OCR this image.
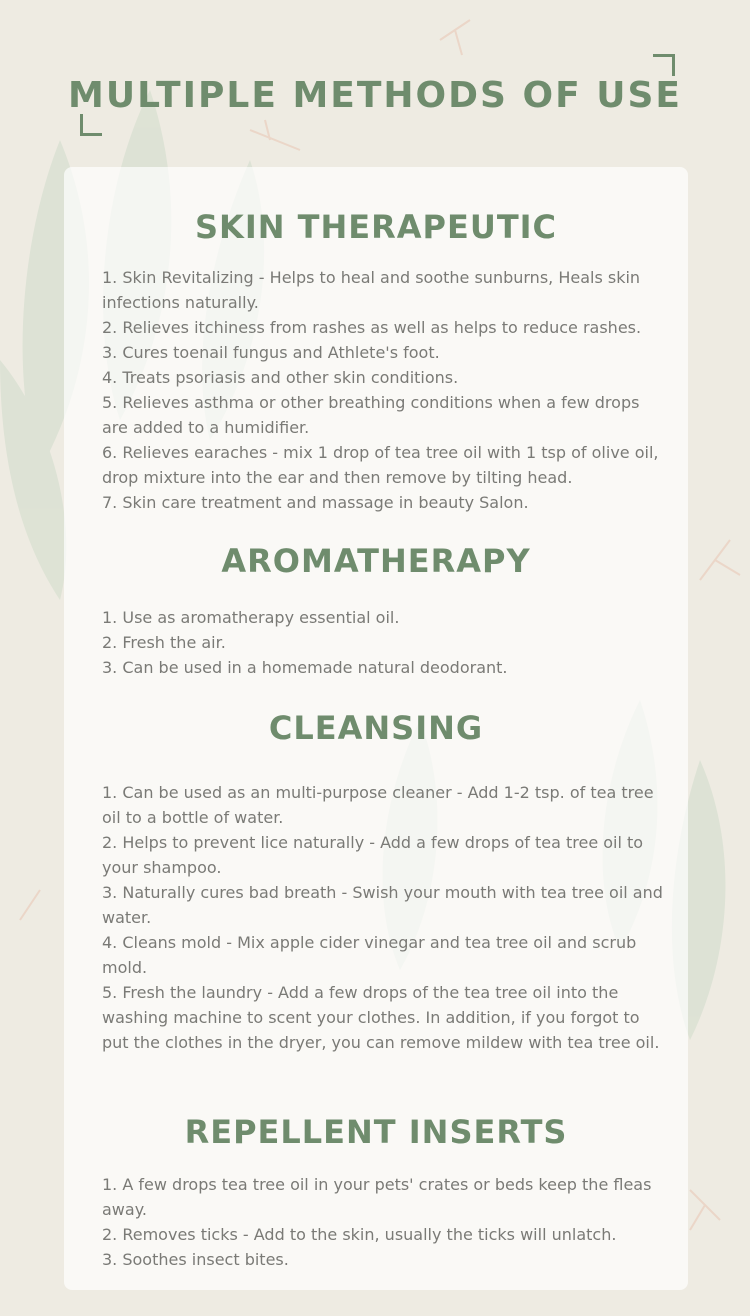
MULTIPLE METHODS OF USE
SKIN THERAPEUTIC
1. Skin Revitalizing - Helps to heal and soothe sunburns, Heals skin infections naturally.
2. Relieves itchiness from rashes as well as helps to reduce rashes.
3. Cures toenail fungus and Athlete's foot.
4. Treats psoriasis and other skin conditions.
5. Relieves asthma or other breathing conditions when a few drops are added to a humidifier.
6. Relieves earaches - mix 1 drop of tea tree oil with 1 tsp of olive oil, drop mixture into the ear and then remove by tilting head.
7. Skin care treatment and massage in beauty Salon.
AROMATHERAPY
1. Use as aromatherapy essential oil.
2. Fresh the air.
3. Can be used in a homemade natural deodorant.
CLEANSING
1. Can be used as an multi-purpose cleaner - Add 1-2 tsp. of tea tree oil to a bottle of water.
2. Helps to prevent lice naturally - Add a few drops of tea tree oil to your shampoo.
3. Naturally cures bad breath - Swish your mouth with tea tree oil and water.
4. Cleans mold - Mix apple cider vinegar and tea tree oil and scrub mold.
5. Fresh the laundry - Add a few drops of the tea tree oil into the washing machine to scent your clothes. In addition, if you forgot to put the clothes in the dryer, you can remove mildew with tea tree oil.
REPELLENT INSERTS
1. A few drops tea tree oil in your pets' crates or beds keep the fleas away.
2. Removes ticks - Add to the skin, usually the ticks will unlatch.
3. Soothes insect bites.
